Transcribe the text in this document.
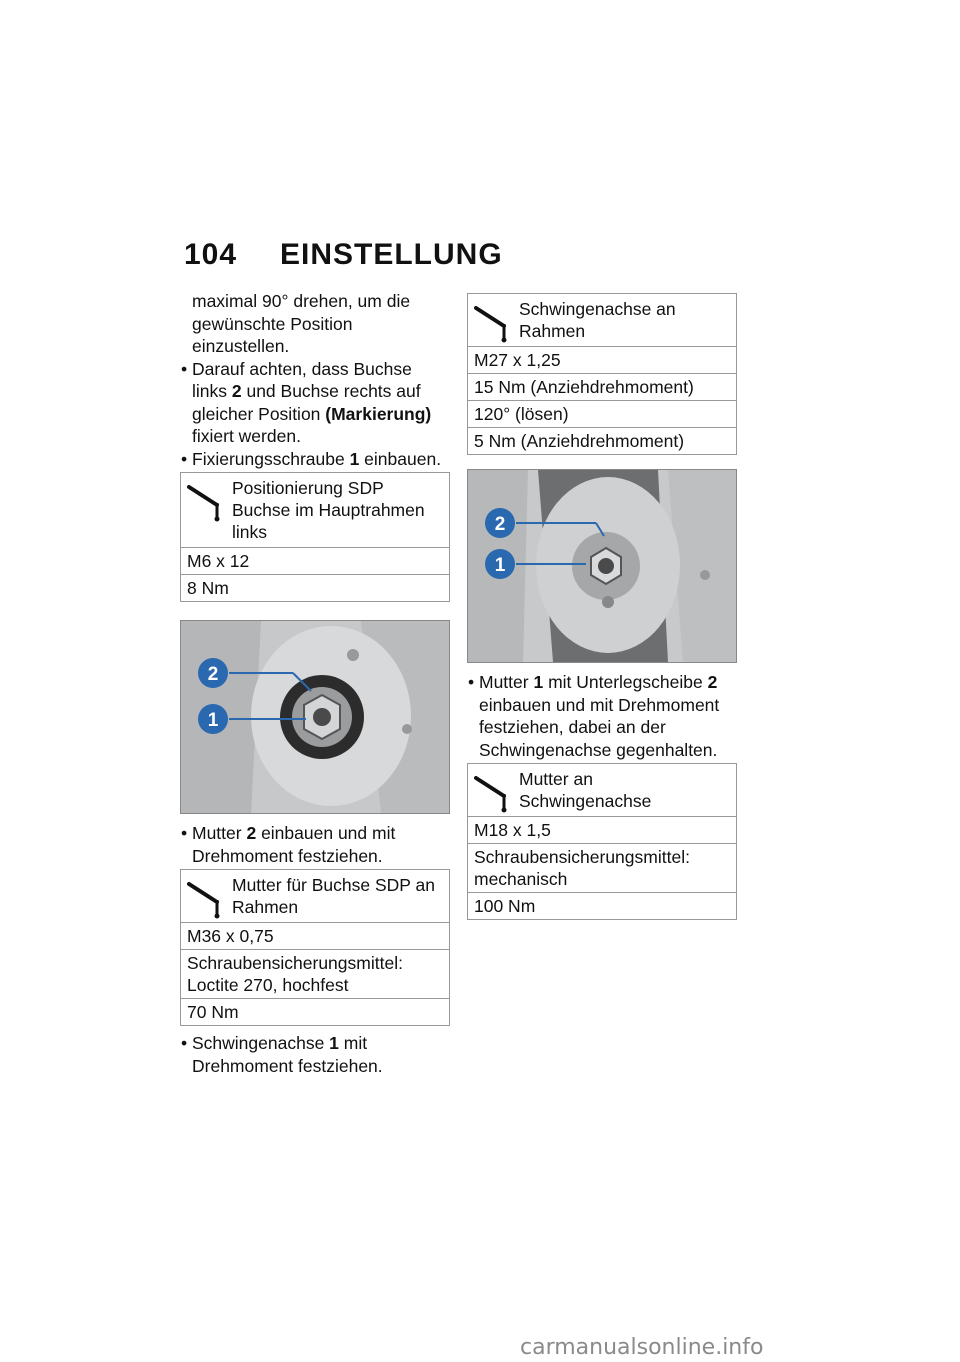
104 EINSTELLUNG

maximal 90° drehen, um die gewünschte Position einzustellen.

• Darauf achten, dass Buchse links 2 und Buchse rechts auf gleicher Position (Markierung) fixiert werden.

• Fixierungsschraube 1 einbauen.

Positionierung SDP Buchse im Hauptrahmen links
M6 x 12
8 Nm
2
1

• Mutter 2 einbauen und mit Drehmoment festziehen.

Mutter für Buchse SDP an Rahmen
M36 x 0,75
Schraubensicherungsmittel: Loctite 270, hochfest
70 Nm

• Schwingenachse 1 mit Drehmoment festziehen.

Schwingenachse an Rahmen
M27 x 1,25
15 Nm (Anziehdrehmoment)
120° (lösen)
5 Nm (Anziehdrehmoment)
2
1

• Mutter 1 mit Unterlegscheibe 2 einbauen und mit Drehmoment festziehen, dabei an der Schwingenachse gegenhalten.

Mutter an Schwingenachse
M18 x 1,5
Schraubensicherungsmittel: mechanisch
100 Nm
carmanualsonline.info
